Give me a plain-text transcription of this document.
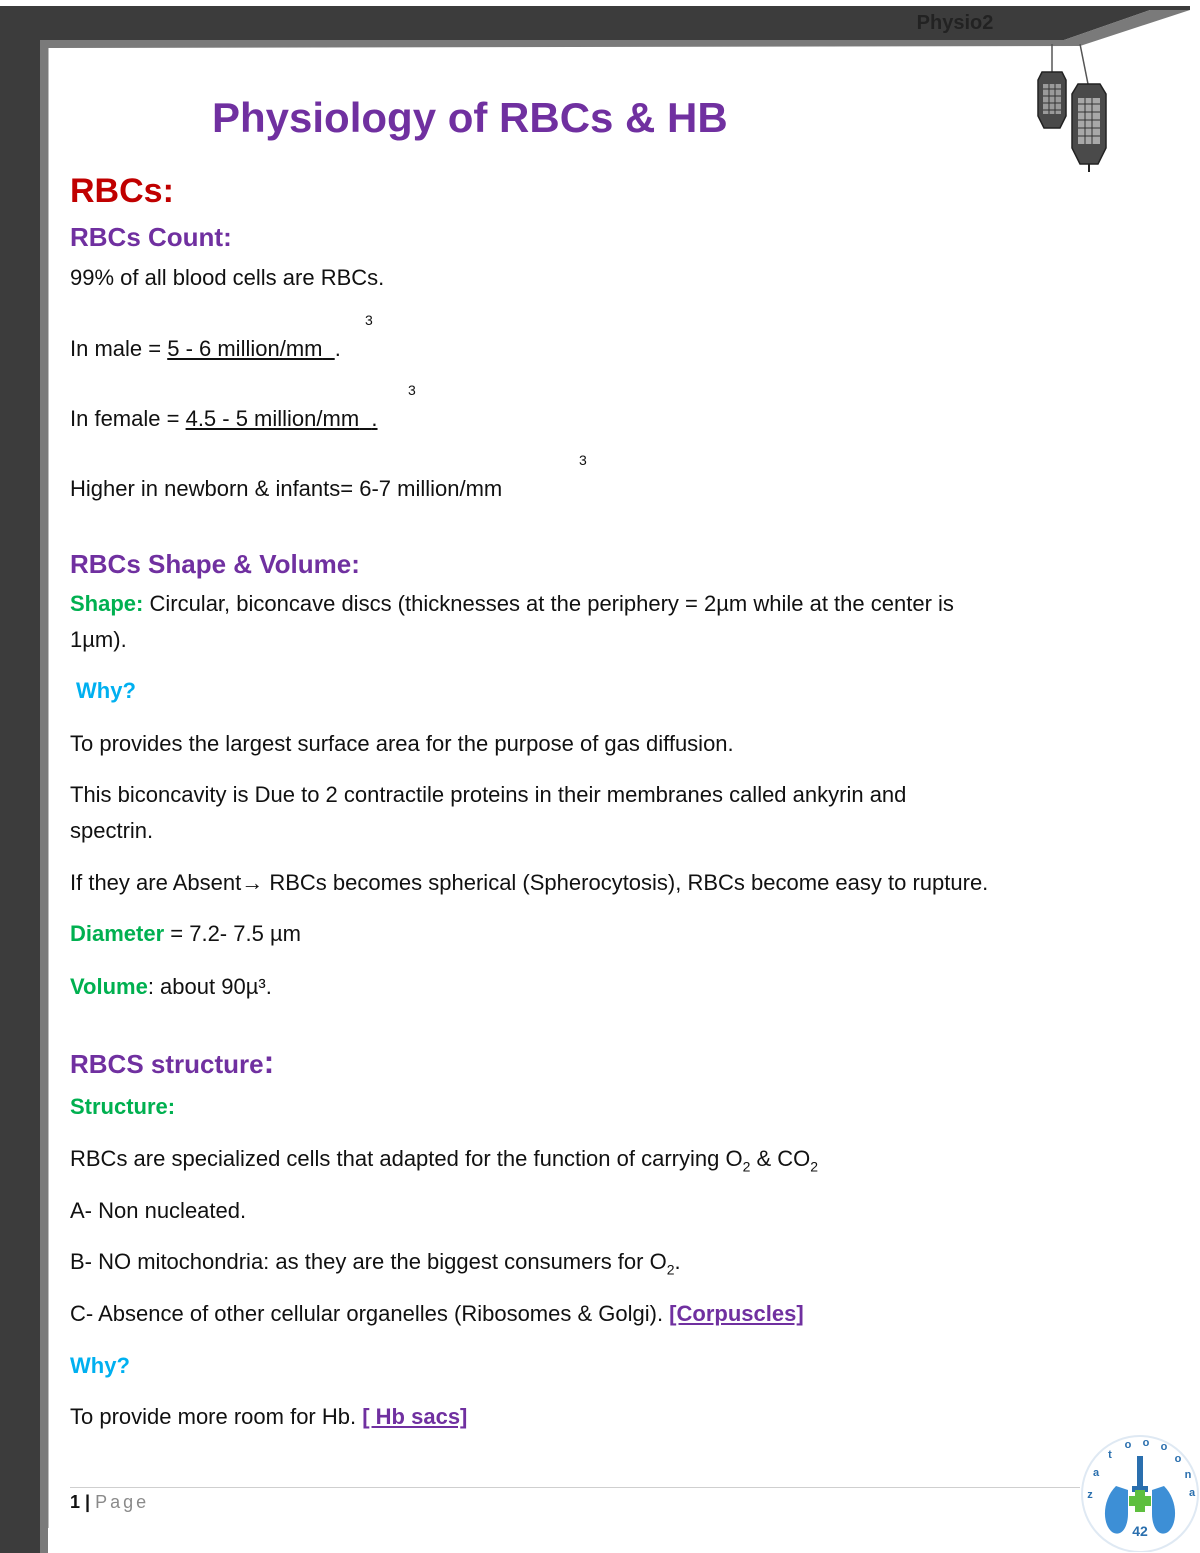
Physio2
Physiology of RBCs & HB
RBCs:
RBCs Count:
99% of all blood cells are RBCs.
3
In male = 5 - 6 million/mm .
3
In female = 4.5 - 5 million/mm .
3
Higher in newborn & infants= 6-7 million/mm
RBCs Shape & Volume:
Shape: Circular, biconcave discs (thicknesses at the periphery = 2µm while at the center is
1µm).
Why?
To provides the largest surface area for the purpose of gas diffusion.
This biconcavity is Due to 2 contractile proteins in their membranes called ankyrin and
spectrin.
If they are Absent→ RBCs becomes spherical (Spherocytosis), RBCs become easy to rupture.
Diameter = 7.2- 7.5 µm
Volume: about 90µ³.
RBCS structure:
Structure:
RBCs are specialized cells that adapted for the function of carrying $O_2$ & $CO_2$
A- Non nucleated.
B- NO mitochondria: as they are the biggest consumers for $O_2$.
C- Absence of other cellular organelles (Ribosomes & Golgi). [Corpuscles]
Why?
To provide more room for Hb. [ Hb sacs]
1 | Page
42
z
a
t
o o o
o
n
a
